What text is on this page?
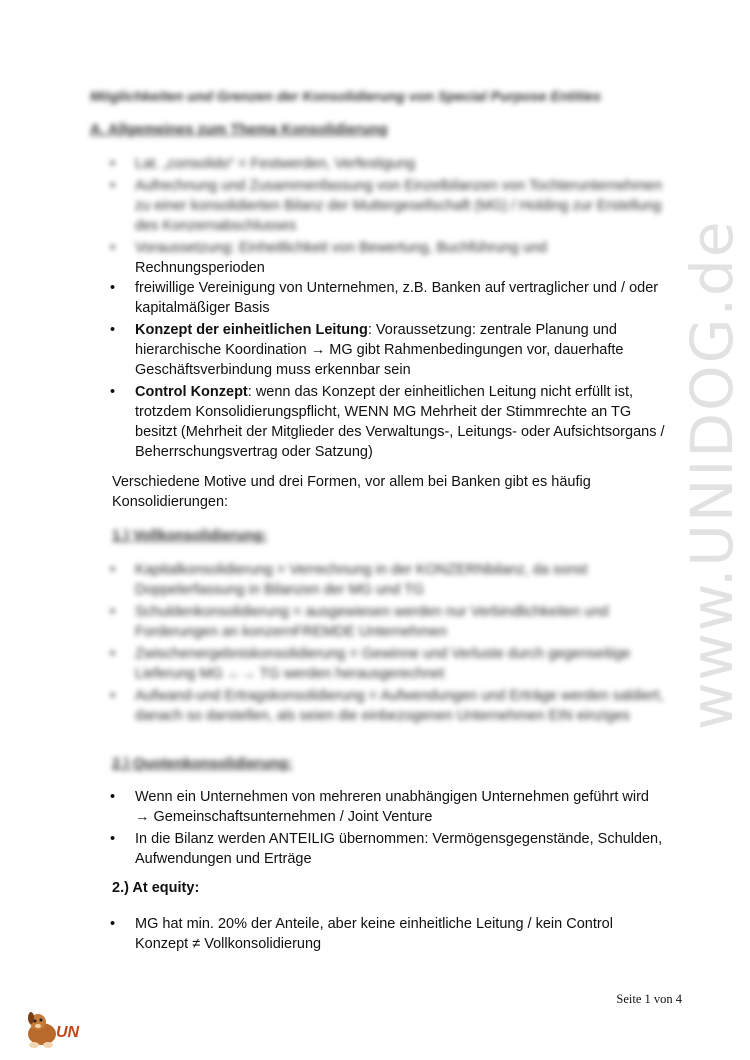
Möglichkeiten und Grenzen der Konsolidierung von Special Purpose Entities
A. Allgemeines zum Thema Konsolidierung
• Lat. „consolido“ = Festwerden, Verfestigung
• Aufrechnung und Zusammenfassung von Einzelbilanzen von Tochterunternehmen zu einer konsolidierten Bilanz der Muttergesellschaft (MG) / Holding zur Erstellung des Konzernabschlusses
• Voraussetzung: Einheitlichkeit von Bewertung, Buchführung und
Rechnungsperioden
• freiwillige Vereinigung von Unternehmen, z.B. Banken auf vertraglicher und / oder kapitalmäßiger Basis
• Konzept der einheitlichen Leitung: Voraussetzung: zentrale Planung und hierarchische Koordination → MG gibt Rahmenbedingungen vor, dauerhafte Geschäftsverbindung muss erkennbar sein
• Control Konzept: wenn das Konzept der einheitlichen Leitung nicht erfüllt ist, trotzdem Konsolidierungspflicht, WENN MG Mehrheit der Stimmrechte an TG besitzt (Mehrheit der Mitglieder des Verwaltungs-, Leitungs- oder Aufsichtsorgans / Beherrschungsvertrag oder Satzung)
Verschiedene Motive und drei Formen, vor allem bei Banken gibt es häufig Konsolidierungen:
1.) Vollkonsolidierung:
• Kapitalkonsolidierung = Verrechnung in der KONZERNbilanz, da sonst Doppelerfassung in Bilanzen der MG und TG
• Schuldenkonsolidierung = ausgewiesen werden nur Verbindlichkeiten und Forderungen an konzernFREMDE Unternehmen
• Zwischenergebniskonsolidierung = Gewinne und Verluste durch gegenseitige Lieferung MG ←→ TG werden herausgerechnet
• Aufwand-und Ertragskonsolidierung = Aufwendungen und Erträge werden saldiert, danach so darstellen, als seien die einbezogenen Unternehmen EIN einziges
2.) Quotenkonsolidierung:
• Wenn ein Unternehmen von mehreren unabhängigen Unternehmen geführt wird → Gemeinschaftsunternehmen / Joint Venture
• In die Bilanz werden ANTEILIG übernommen: Vermögensgegenstände, Schulden, Aufwendungen und Erträge
2.) At equity:
• MG hat min. 20% der Anteile, aber keine einheitliche Leitung / kein Control Konzept ≠ Vollkonsolidierung
www.UNIDOG.de
Seite 1 von 4
UN
